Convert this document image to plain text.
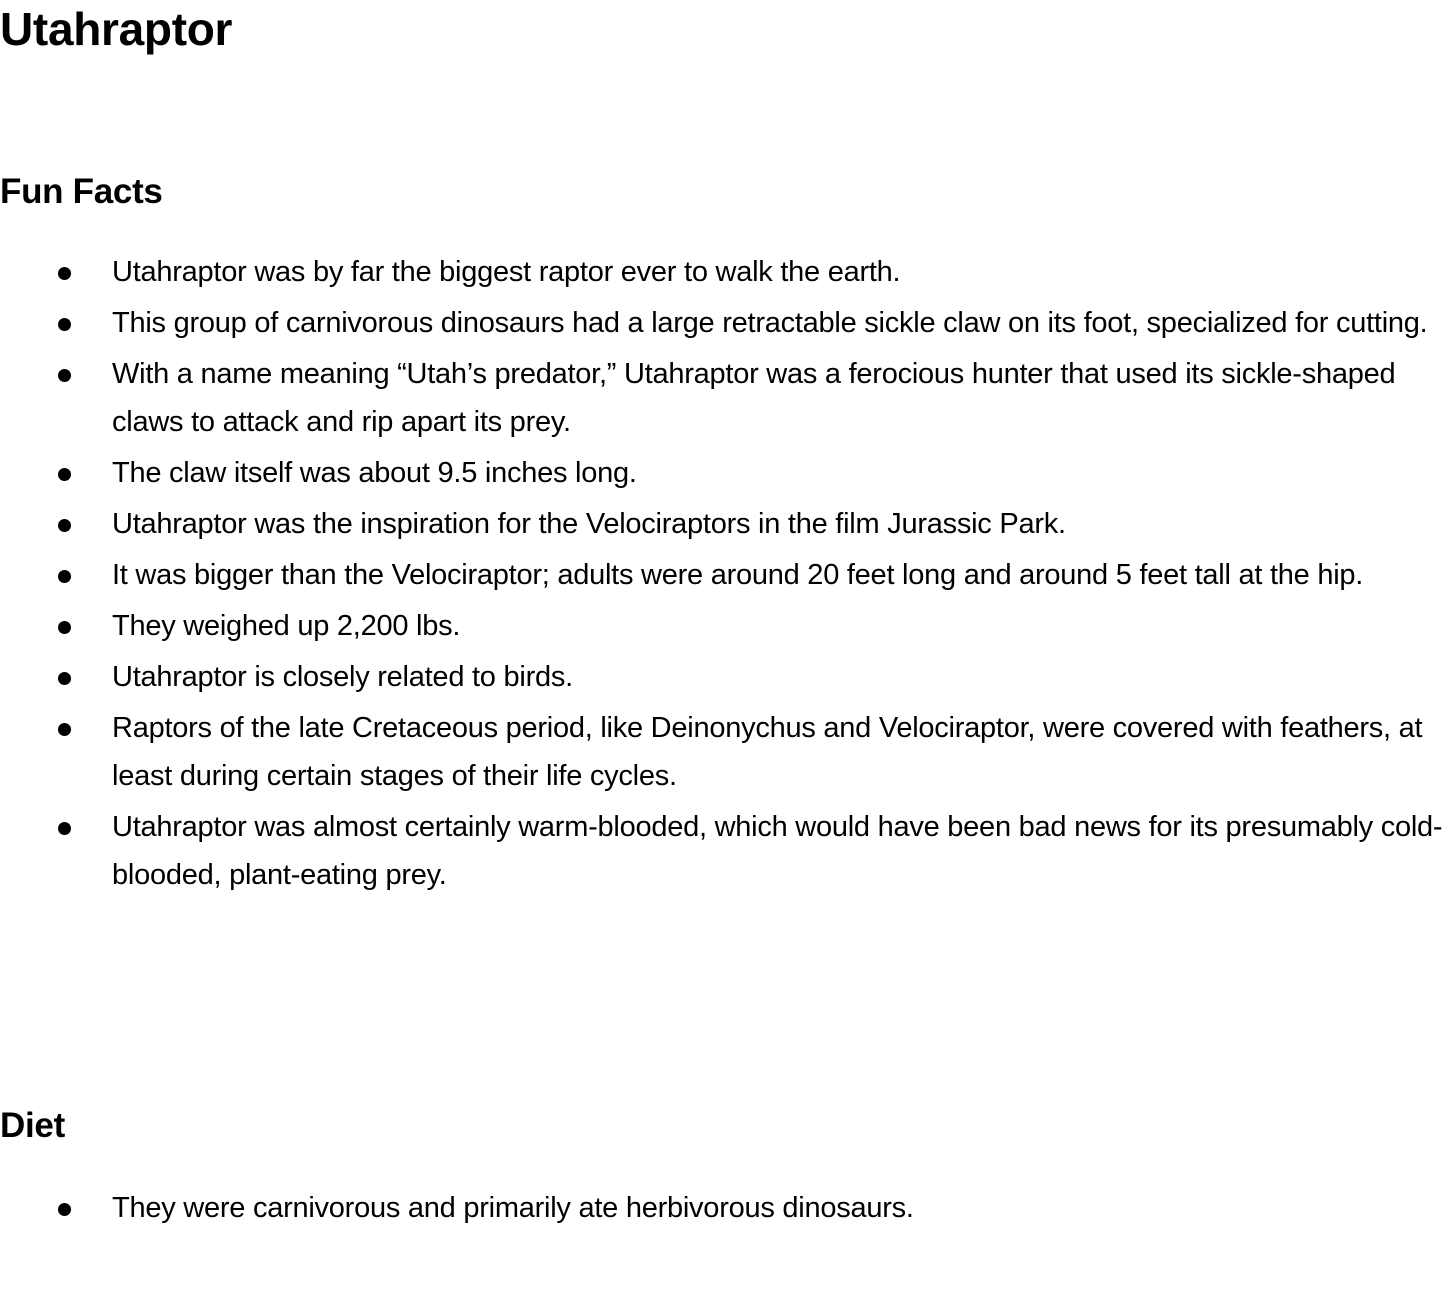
Utahraptor
Fun Facts
Utahraptor was by far the biggest raptor ever to walk the earth.
This group of carnivorous dinosaurs had a large retractable sickle claw on its foot, specialized for cutting.
With a name meaning “Utah’s predator,” Utahraptor was a ferocious hunter that used its sickle-shaped claws to attack and rip apart its prey.
The claw itself was about 9.5 inches long.
Utahraptor was the inspiration for the Velociraptors in the film Jurassic Park.
It was bigger than the Velociraptor; adults were around 20 feet long and around 5 feet tall at the hip.
They weighed up 2,200 lbs.
Utahraptor is closely related to birds.
Raptors of the late Cretaceous period, like Deinonychus and Velociraptor, were covered with feathers, at least during certain stages of their life cycles.
Utahraptor was almost certainly warm-blooded, which would have been bad news for its presumably cold-blooded, plant-eating prey.
Diet
They were carnivorous and primarily ate herbivorous dinosaurs.
